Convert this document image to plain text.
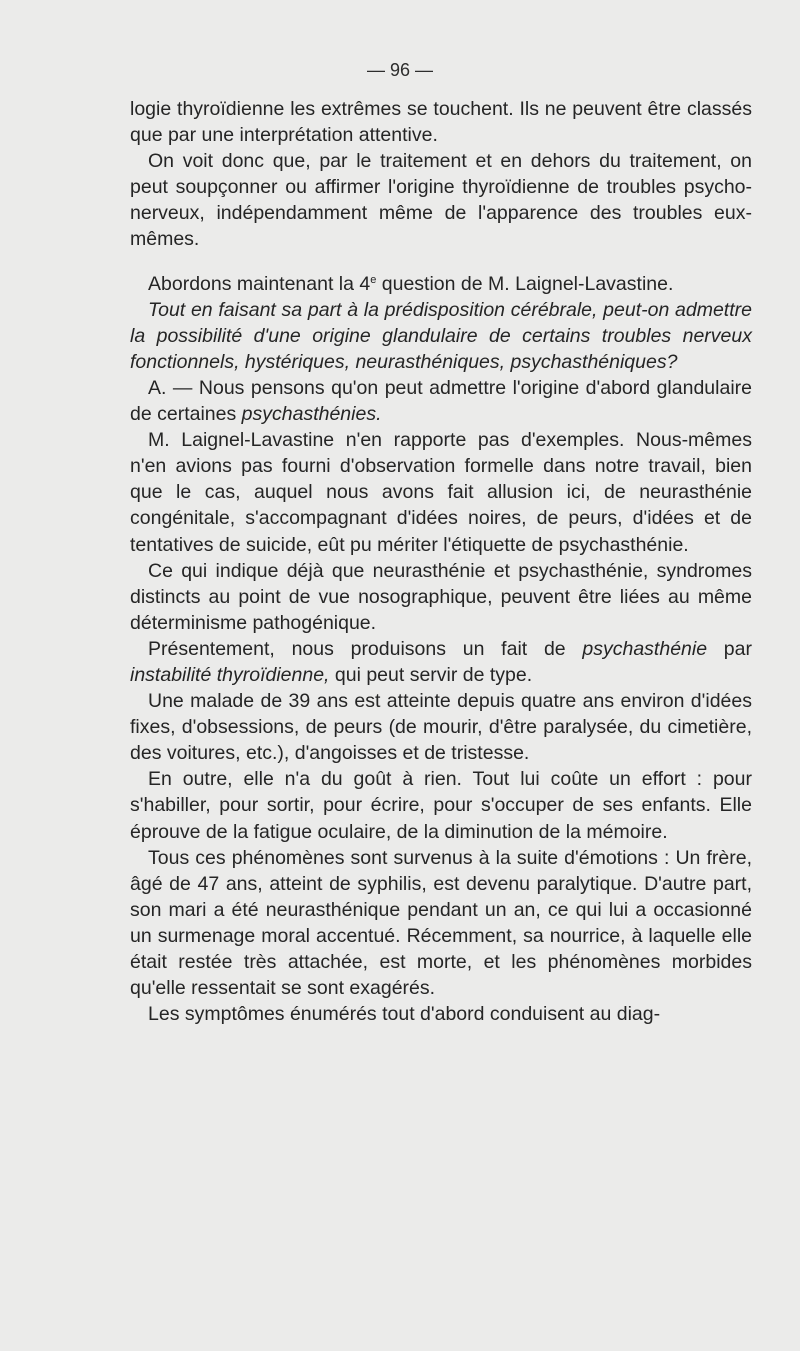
— 96 —

logie thyroïdienne les extrêmes se touchent. Ils ne peuvent être classés que par une interprétation attentive.

On voit donc que, par le traitement et en dehors du traitement, on peut soupçonner ou affirmer l'origine thyroïdienne de troubles psycho-nerveux, indépendamment même de l'apparence des troubles eux-mêmes.

Abordons maintenant la 4e question de M. Laignel-Lavastine.

Tout en faisant sa part à la prédisposition cérébrale, peut-on admettre la possibilité d'une origine glandulaire de certains troubles nerveux fonctionnels, hystériques, neurasthéniques, psychasthéniques?

A. — Nous pensons qu'on peut admettre l'origine d'abord glandulaire de certaines psychasthénies.

M. Laignel-Lavastine n'en rapporte pas d'exemples. Nous-mêmes n'en avions pas fourni d'observation formelle dans notre travail, bien que le cas, auquel nous avons fait allusion ici, de neurasthénie congénitale, s'accompagnant d'idées noires, de peurs, d'idées et de tentatives de suicide, eût pu mériter l'étiquette de psychasthénie.

Ce qui indique déjà que neurasthénie et psychasthénie, syndromes distincts au point de vue nosographique, peuvent être liées au même déterminisme pathogénique.

Présentement, nous produisons un fait de psychasthénie par instabilité thyroïdienne, qui peut servir de type.

Une malade de 39 ans est atteinte depuis quatre ans environ d'idées fixes, d'obsessions, de peurs (de mourir, d'être paralysée, du cimetière, des voitures, etc.), d'angoisses et de tristesse.

En outre, elle n'a du goût à rien. Tout lui coûte un effort : pour s'habiller, pour sortir, pour écrire, pour s'occuper de ses enfants. Elle éprouve de la fatigue oculaire, de la diminution de la mémoire.

Tous ces phénomènes sont survenus à la suite d'émotions : Un frère, âgé de 47 ans, atteint de syphilis, est devenu paralytique. D'autre part, son mari a été neurasthénique pendant un an, ce qui lui a occasionné un surmenage moral accentué. Récemment, sa nourrice, à laquelle elle était restée très attachée, est morte, et les phénomènes morbides qu'elle ressentait se sont exagérés.

Les symptômes énumérés tout d'abord conduisent au diag-
